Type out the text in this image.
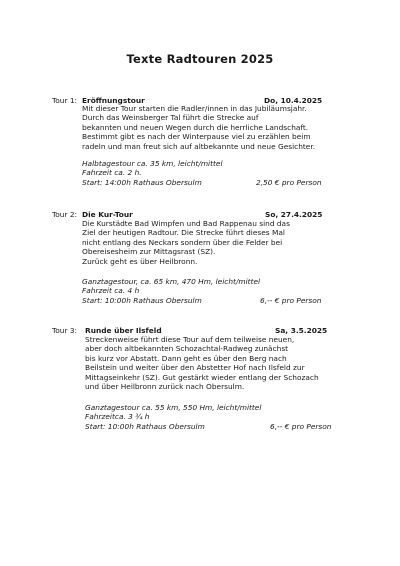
Texte Radtouren 2025
Tour 1: Eröffnungstour	Do, 10.4.2025
Mit dieser Tour starten die Radler/innen in das Jubiläumsjahr.
Durch das Weinsberger Tal führt die Strecke auf
bekannten und neuen Wegen durch die herrliche Landschaft.
Bestimmt gibt es nach der Winterpause viel zu erzählen beim
radeln und man freut sich auf altbekannte und neue Gesichter.
Halbtagestour ca. 35 km, leicht/mittel
Fahrzeit ca. 2 h.
Start: 14:00h Rathaus Obersulm	2,50 € pro Person
Tour 2: Die Kur-Tour	So, 27.4.2025
Die Kurstädte Bad Wimpfen und Bad Rappenau sind das
Ziel der heutigen Radtour. Die Strecke führt dieses Mal
nicht entlang des Neckars sondern über die Felder bei
Obereisesheim zur Mittagsrast (SZ).
Zurück geht es über Heilbronn.
Ganztagestour, ca. 65 km, 470 Hm, leicht/mittel
Fahrzeit ca. 4 h
Start: 10:00h Rathaus Obersulm	6,-- € pro Person
Tour 3: Runde über Ilsfeld	Sa, 3.5.2025
Streckenweise führt diese Tour auf dem teilweise neuen,
aber doch altbekannten Schozachtal-Radweg zunächst
bis kurz vor Abstatt. Dann geht es über den Berg nach
Beilstein und weiter über den Abstetter Hof nach Ilsfeld zur
Mittagseinkehr (SZ). Gut gestärkt wieder entlang der Schozach
und über Heilbronn zurück nach Obersulm.
Ganztagestour ca. 55 km, 550 Hm, leicht/mittel
Fahrzeitca. 3 ¾ h
Start: 10:00h Rathaus Obersulm	6,-- € pro Person
